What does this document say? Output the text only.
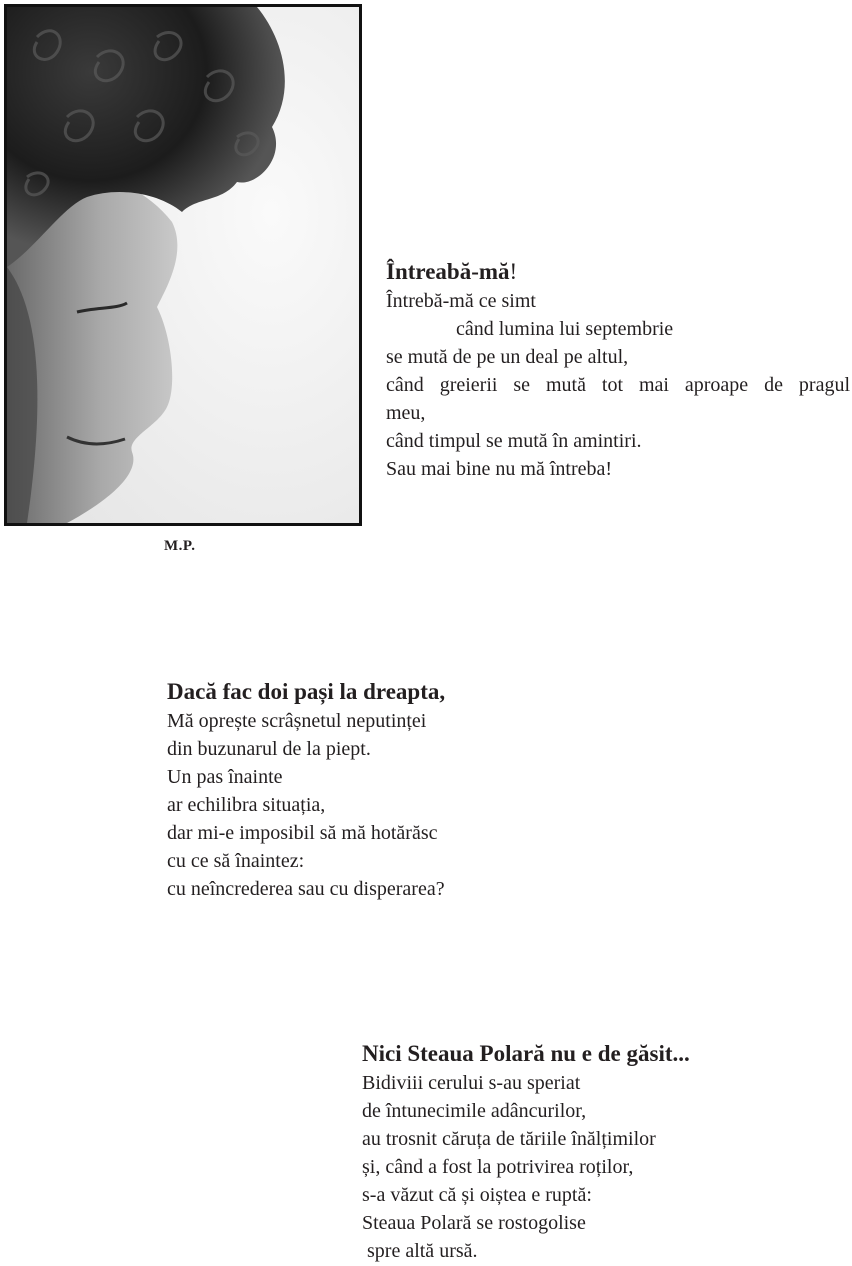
M.P.
Întreabă-mă!
Întrebă-mă ce simt
când lumina lui septembrie
se mută de pe un deal pe altul,
când greierii se mută tot mai aproape de pragul
meu,
când timpul se mută în amintiri.
Sau mai bine nu mă întreba!
Dacă fac doi pași la dreapta,
Mă oprește scrâșnetul neputinței
din buzunarul de la piept.
Un pas înainte
ar echilibra situația,
dar mi-e imposibil să mă hotărăsc
cu ce să înaintez:
cu neîncrederea sau cu disperarea?
Nici Steaua Polară nu e de găsit...
Bidiviii cerului s-au speriat
de întunecimile adâncurilor,
au trosnit căruța de tăriile înălțimilor
și, când a fost la potrivirea roților,
s-a văzut că și oiștea e ruptă:
Steaua Polară se rostogolise
spre altă ursă.
